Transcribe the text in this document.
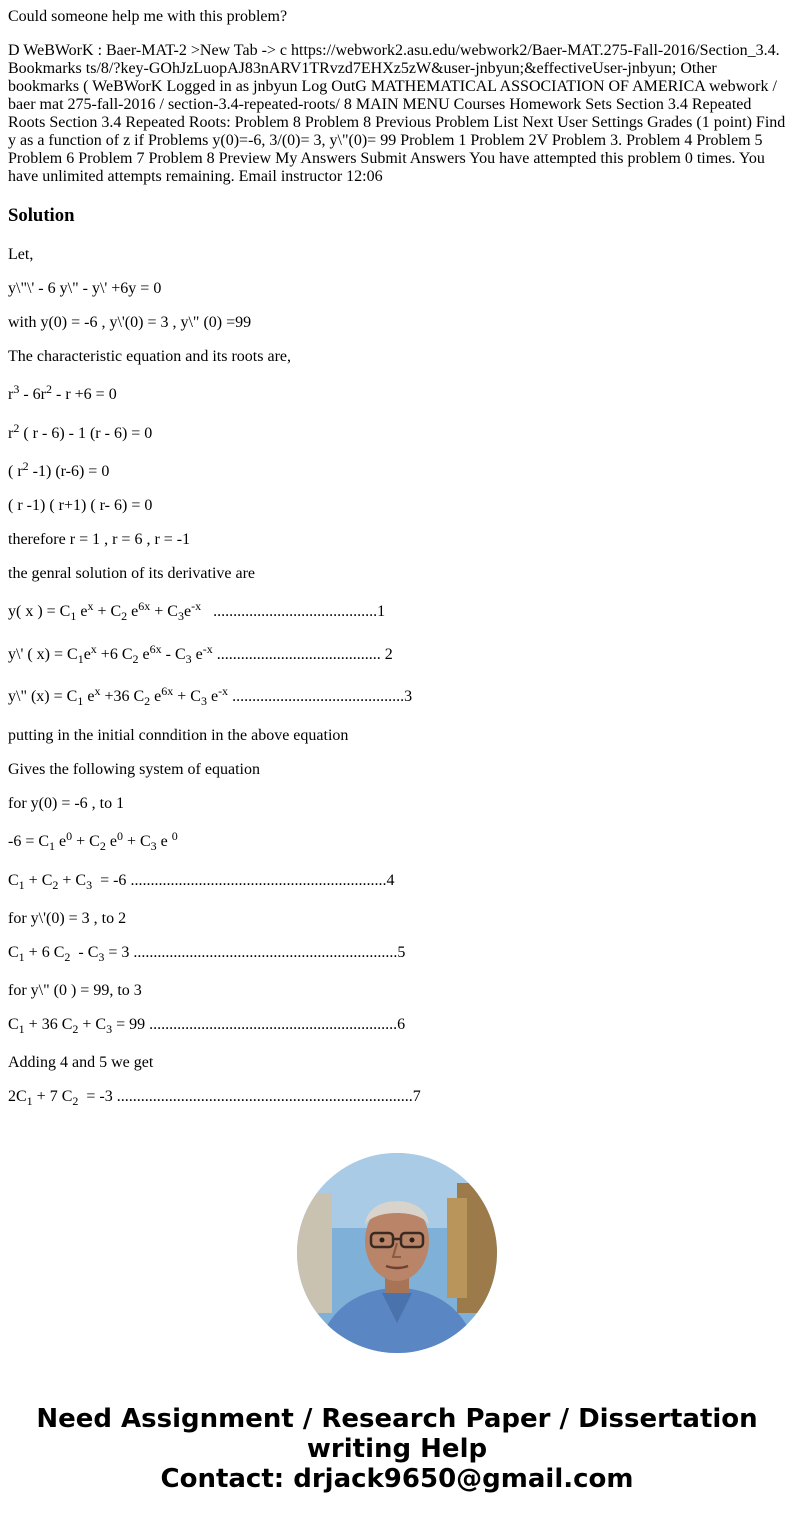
Could someone help me with this problem?

D WeBWorK : Baer-MAT-2 >New Tab -> c https://webwork2.asu.edu/webwork2/Baer-MAT.275-Fall-2016/Section_3.4. Bookmarks ts/8/?key-GOhJzLuopAJ83nARV1TRvzd7EHXz5zW&user-jnbyun;&effectiveUser-jnbyun; Other bookmarks ( WeBWorK Logged in as jnbyun Log OutG MATHEMATICAL ASSOCIATION OF AMERICA webwork / baer mat 275-fall-2016 / section-3.4-repeated-roots/ 8 MAIN MENU Courses Homework Sets Section 3.4 Repeated Roots Section 3.4 Repeated Roots: Problem 8 Problem 8 Previous Problem List Next User Settings Grades (1 point) Find y as a function of z if Problems y(0)=-6, 3/(0)= 3, y\"(0)= 99 Problem 1 Problem 2V Problem 3. Problem 4 Problem 5 Problem 6 Problem 7 Problem 8 Preview My Answers Submit Answers You have attempted this problem 0 times. You have unlimited attempts remaining. Email instructor 12:06

Solution

Let,

y\"\' - 6 y\" - y\' +6y = 0

with y(0) = -6 , y\'(0) = 3 , y\" (0) =99

The characteristic equation and its roots are,

$r^3 - 6r^2 - r +6 = 0$

$r^2$ ( r - 6) - 1 (r - 6) = 0

( $r^2$ -1) (r-6) = 0

( r -1) ( r+1) ( r- 6) = 0

therefore r = 1 , r = 6 , r = -1

the genral solution of its derivative are

y( x ) = $C_1$ $e^x + C_2$ $e^{6x} + C_3e^{-x}$   .........................................1

y\' ( $x) = C_1e^x +6$ $C_2$ $e^{6x} - C_3$ $e^{-x}$ ......................................... 2

y\" $(x) = C_1$ $e^x +36$ $C_2$ $e^{6x} + C_3$ $e^{-x}$ ...........................................3

putting in the initial conndition in the above equation

Gives the following system of equation

for y(0) = -6 , to 1

$-6 = C_1$ $e^0 + C_2$ $e^0 + C_3$ e $^0$

$C_1 + C_2 + C_3 = -6$ ................................................................4

for y\'(0) = 3 , to 2

$C_1 + 6$ $C_2 - C_3 = 3$ ..................................................................5

for y\" (0 ) = 99, to 3

$C_1 + 36$ $C_2 + C_3 = 99$ ..............................................................6

Adding 4 and 5 we get

$2C_1 + 7$ $C_2 = -3$ ..........................................................................7

Need Assignment / Research Paper / Dissertation
writing Help
Contact: drjack9650@gmail.com
